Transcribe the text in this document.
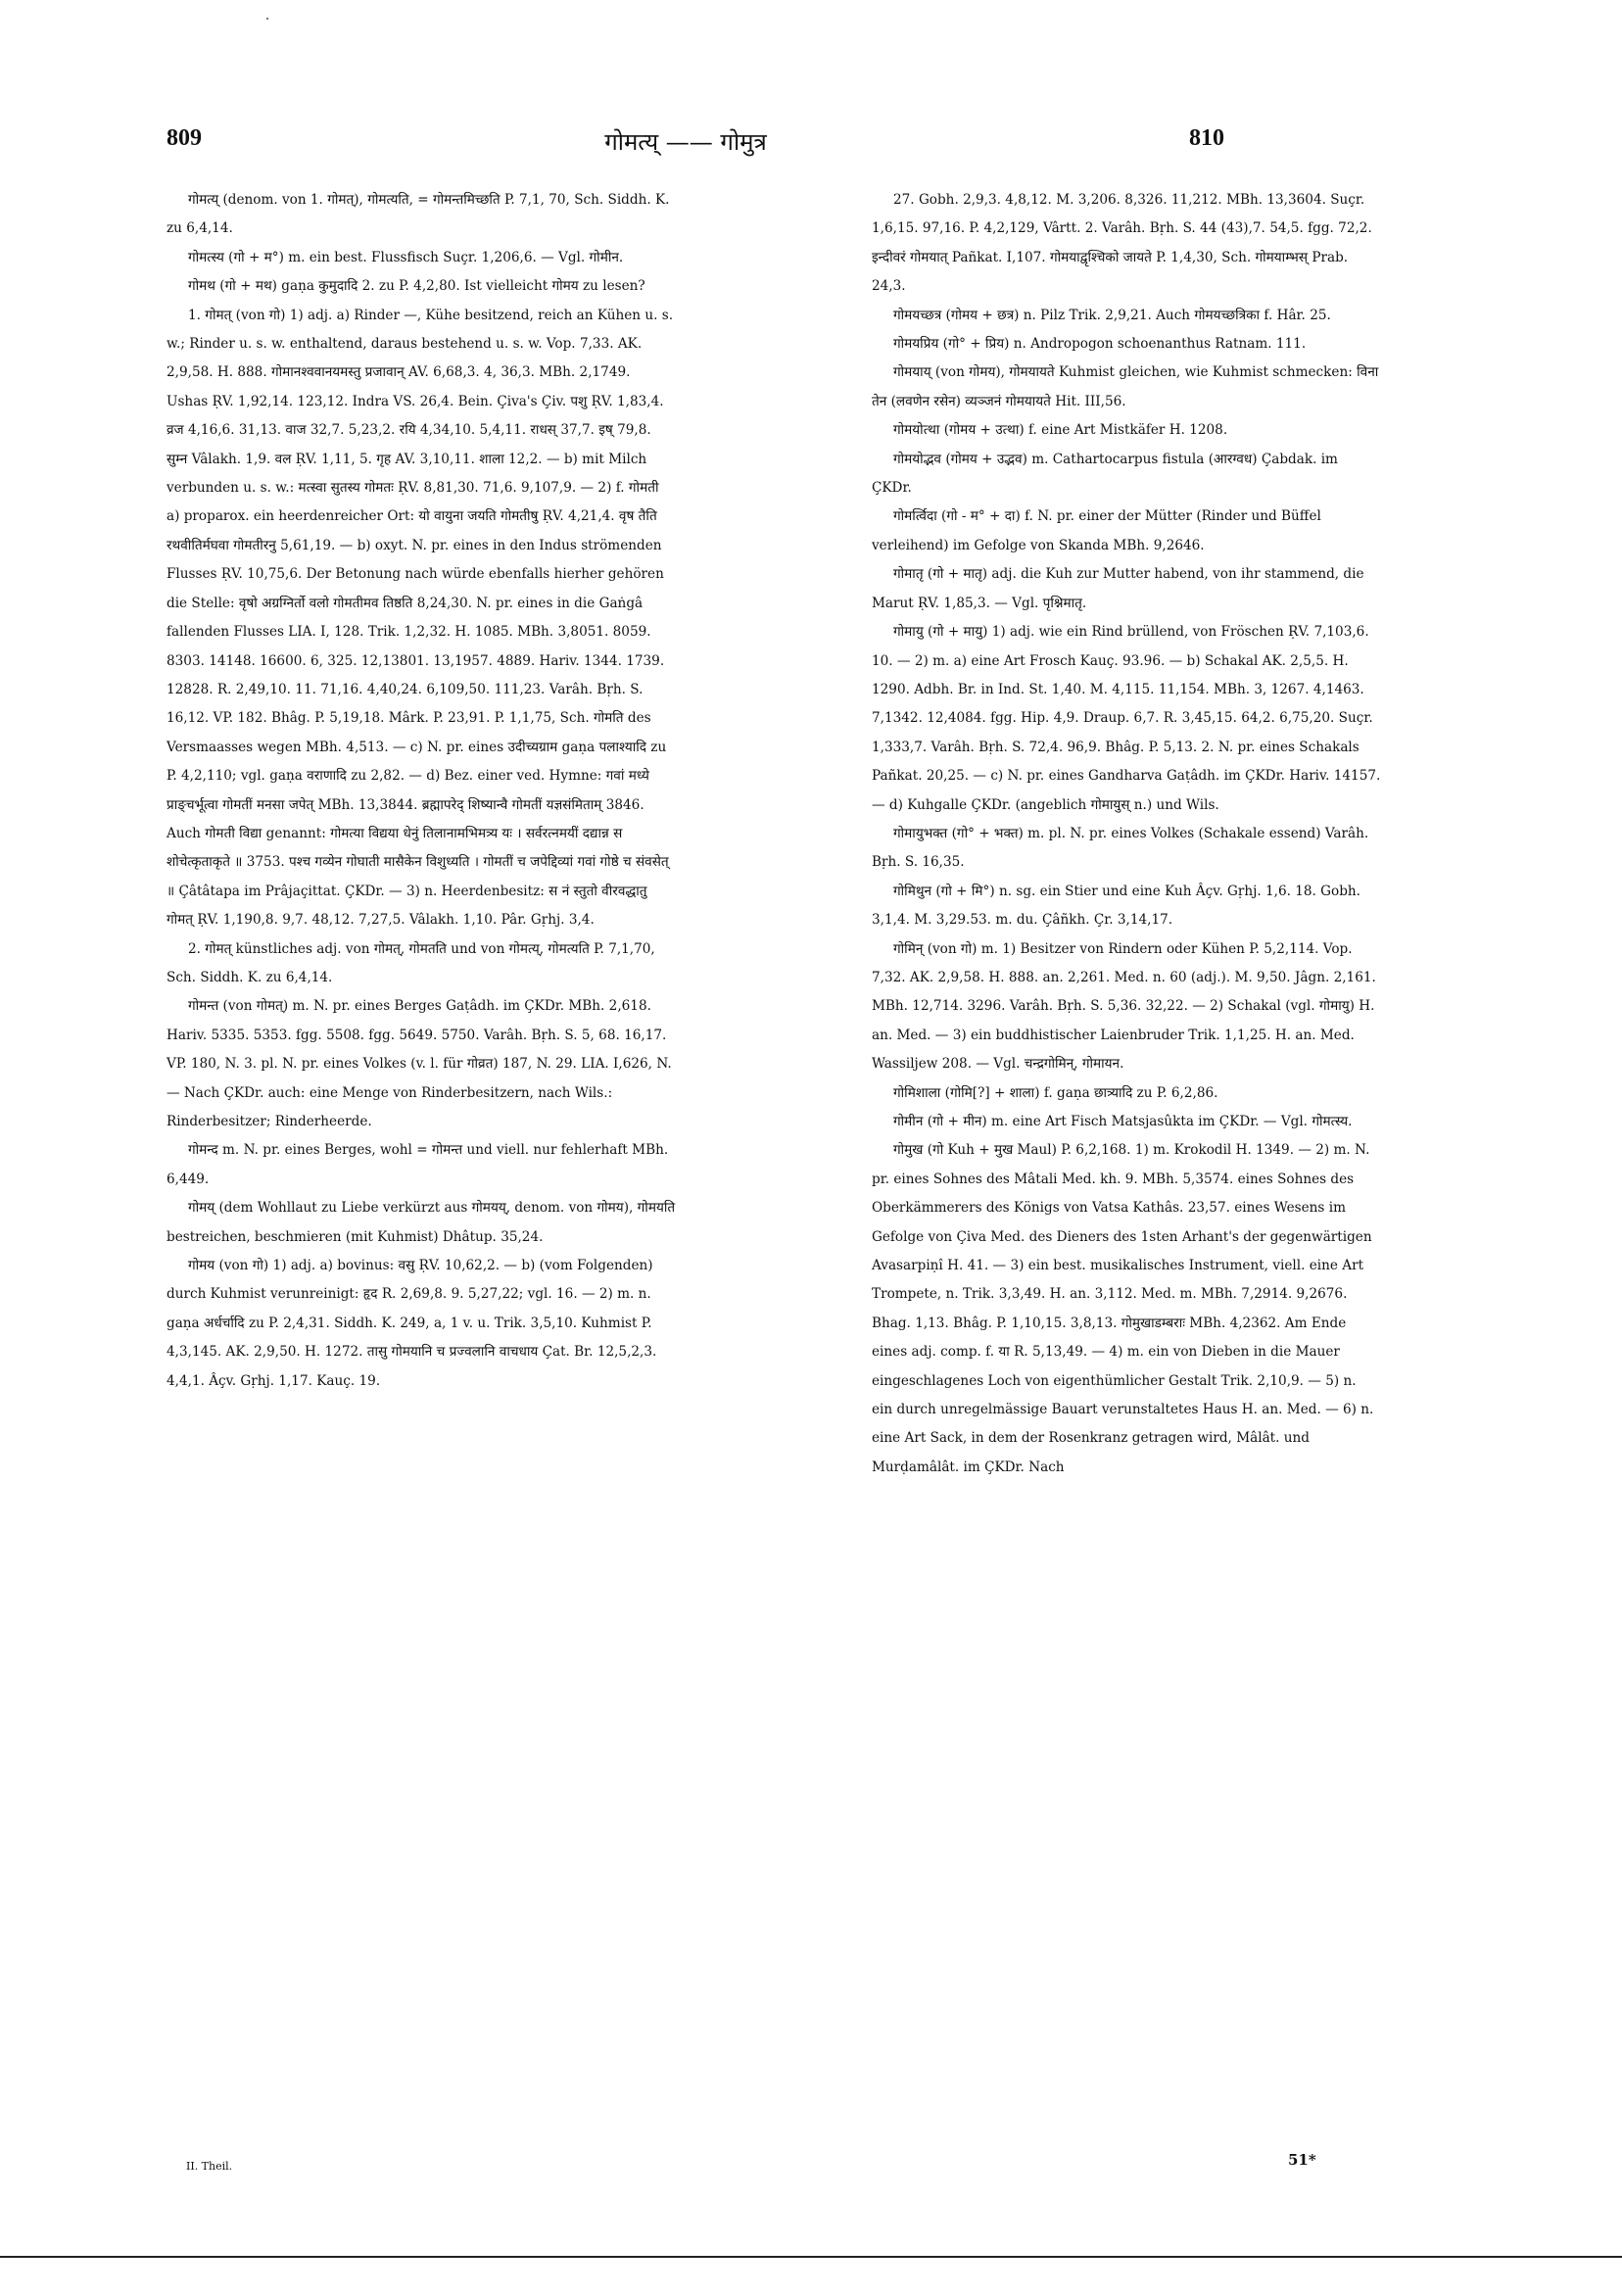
809	गोमत्य् —— गोमुत्र	810

गोमत्य् (denom. von 1. गोमत्), गोमत्यति, = गोमन्तमिच्छति P. 7,1, 70, Sch. Siddh. K. zu 6,4,14.

गोमत्स्य (गो + म°) m. ein best. Flussfisch Suçr. 1,206,6. — Vgl. गोमीन.

गोमथ (गो + मथ) gaṇa कुमुदादि 2. zu P. 4,2,80. Ist vielleicht गोमय zu lesen?

1. गोमत् (von गो) 1) adj. a) Rinder —, Kühe besitzend, reich an Kühen u. s. w.; Rinder u. s. w. enthaltend, daraus bestehend u. s. w. Vop. 7,33. AK. 2,9,58. H. 888. गोमानश्ववानयमस्तु प्रजावान् AV. 6,68,3. 4, 36,3. MBh. 2,1749. Ushas ṚV. 1,92,14. 123,12. Indra VS. 26,4. Bein. Çiva's Çiv. पशु ṚV. 1,83,4. व्रज 4,16,6. 31,13. वाज 32,7. 5,23,2. रयि 4,34,10. 5,4,11. राधस् 37,7. इष् 79,8. सुम्न Vâlakh. 1,9. वल ṚV. 1,11, 5. गृह AV. 3,10,11. शाला 12,2. — b) mit Milch verbunden u. s. w.: मत्स्वा सुतस्य गोमतः ṚV. 8,81,30. 71,6. 9,107,9. — 2) f. गोमती a) proparox. ein heerdenreicher Ort: यो वायुना जयति गोमतीषु ṚV. 4,21,4. वृष तैति रथवीतिर्मघवा गोमतीरनु 5,61,19. — b) oxyt. N. pr. eines in den Indus strömenden Flusses ṚV. 10,75,6. Der Betonung nach würde ebenfalls hierher gehören die Stelle: वृषो अग्रग्निर्तो वलो गोमतीमव तिष्ठति 8,24,30. N. pr. eines in die Gaṅgâ fallenden Flusses LIA. I, 128. Trik. 1,2,32. H. 1085. MBh. 3,8051. 8059. 8303. 14148. 16600. 6, 325. 12,13801. 13,1957. 4889. Hariv. 1344. 1739. 12828. R. 2,49,10. 11. 71,16. 4,40,24. 6,109,50. 111,23. Varâh. Bṛh. S. 16,12. VP. 182. Bhâg. P. 5,19,18. Mârk. P. 23,91. P. 1,1,75, Sch. गोमति des Versmaasses wegen MBh. 4,513. — c) N. pr. eines उदीच्यग्राम gaṇa पलाश्यादि zu P. 4,2,110; vgl. gaṇa वराणादि zu 2,82. — d) Bez. einer ved. Hymne: गवां मध्ये प्राङ्चर्भूत्वा गोमतीं मनसा जपेत् MBh. 13,3844. ब्रह्मापरेद् शिष्यान्वै गोमतीं यज्ञसंमिताम् 3846. Auch गोमती विद्या genannt: गोमत्या विद्यया धेनुं तिलानामभिमत्र्य यः । सर्वरत्नमयीं दद्यान्न स शोचेत्कृताकृते ॥ 3753. पश्च गव्येन गोघाती मासैकेन विशुध्यति । गोमतीं च जपेद्दिव्यां गवां गोष्ठे च संवसेत् ॥ Çâtâtapa im Prâjaçittat. ÇKDr. — 3) n. Heerdenbesitz: स नं स्तुतो वीरवद्धातु गोमत् ṚV. 1,190,8. 9,7. 48,12. 7,27,5. Vâlakh. 1,10. Pâr. Gṛhj. 3,4.

2. गोमत् künstliches adj. von गोमत्, गोमतति und von गोमत्य्, गोमत्यति P. 7,1,70, Sch. Siddh. K. zu 6,4,14.

गोमन्त (von गोमत्) m. N. pr. eines Berges Gaṭâdh. im ÇKDr. MBh. 2,618. Hariv. 5335. 5353. fgg. 5508. fgg. 5649. 5750. Varâh. Bṛh. S. 5, 68. 16,17. VP. 180, N. 3. pl. N. pr. eines Volkes (v. l. für गोव्रत) 187, N. 29. LIA. I,626, N. — Nach ÇKDr. auch: eine Menge von Rinderbesitzern, nach Wils.: Rinderbesitzer; Rinderheerde.

गोमन्द m. N. pr. eines Berges, wohl = गोमन्त und viell. nur fehlerhaft MBh. 6,449.

गोमय् (dem Wohllaut zu Liebe verkürzt aus गोमयय्, denom. von गोमय), गोमयति bestreichen, beschmieren (mit Kuhmist) Dhâtup. 35,24.

गोमय (von गो) 1) adj. a) bovinus: वसु ṚV. 10,62,2. — b) (vom Folgenden) durch Kuhmist verunreinigt: हृद R. 2,69,8. 9. 5,27,22; vgl. 16. — 2) m. n. gaṇa अर्धर्चादि zu P. 2,4,31. Siddh. K. 249, a, 1 v. u. Trik. 3,5,10. Kuhmist P. 4,3,145. AK. 2,9,50. H. 1272. तासु गोमयानि च प्रज्वलानि वाचधाय Çat. Br. 12,5,2,3. 4,4,1. Âçv. Gṛhj. 1,17. Kauç. 19.

27. Gobh. 2,9,3. 4,8,12. M. 3,206. 8,326. 11,212. MBh. 13,3604. Suçr. 1,6,15. 97,16. P. 4,2,129, Vârtt. 2. Varâh. Bṛh. S. 44 (43),7. 54,5. fgg. 72,2. इन्दीवरं गोमयात् Pañkat. I,107. गोमयाद्वृश्चिको जायते P. 1,4,30, Sch. गोमयाम्भस् Prab. 24,3.

गोमयच्छत्र (गोमय + छत्र) n. Pilz Trik. 2,9,21. Auch गोमयच्छत्रिका f. Hâr. 25.

गोमयप्रिय (गो° + प्रिय) n. Andropogon schoenanthus Ratnam. 111.

गोमयाय् (von गोमय), गोमयायते Kuhmist gleichen, wie Kuhmist schmecken: विना तेन (लवणेन रसेन) व्यञ्जनं गोमयायते Hit. III,56.

गोमयोत्था (गोमय + उत्था) f. eine Art Mistkäfer H. 1208.

गोमयोद्भव (गोमय + उद्भव) m. Cathartocarpus fistula (आरग्वध) Çabdak. im ÇKDr.

गोमर्त्विदा (गो - म° + दा) f. N. pr. einer der Mütter (Rinder und Büffel verleihend) im Gefolge von Skanda MBh. 9,2646.

गोमातृ (गो + मातृ) adj. die Kuh zur Mutter habend, von ihr stammend, die Marut ṚV. 1,85,3. — Vgl. पृश्निमातृ.

गोमायु (गो + मायु) 1) adj. wie ein Rind brüllend, von Fröschen ṚV. 7,103,6. 10. — 2) m. a) eine Art Frosch Kauç. 93.96. — b) Schakal AK. 2,5,5. H. 1290. Adbh. Br. in Ind. St. 1,40. M. 4,115. 11,154. MBh. 3, 1267. 4,1463. 7,1342. 12,4084. fgg. Hip. 4,9. Draup. 6,7. R. 3,45,15. 64,2. 6,75,20. Suçr. 1,333,7. Varâh. Bṛh. S. 72,4. 96,9. Bhâg. P. 5,13. 2. N. pr. eines Schakals Pañkat. 20,25. — c) N. pr. eines Gandharva Gaṭâdh. im ÇKDr. Hariv. 14157. — d) Kuhgalle ÇKDr. (angeblich गोमायुस् n.) und Wils.

गोमायुभक्त (गो° + भक्त) m. pl. N. pr. eines Volkes (Schakale essend) Varâh. Bṛh. S. 16,35.

गोमिथुन (गो + मि°) n. sg. ein Stier und eine Kuh Âçv. Gṛhj. 1,6. 18. Gobh. 3,1,4. M. 3,29.53. m. du. Çâñkh. Çr. 3,14,17.

गोमिन् (von गो) m. 1) Besitzer von Rindern oder Kühen P. 5,2,114. Vop. 7,32. AK. 2,9,58. H. 888. an. 2,261. Med. n. 60 (adj.). M. 9,50. Jâgn. 2,161. MBh. 12,714. 3296. Varâh. Bṛh. S. 5,36. 32,22. — 2) Schakal (vgl. गोमायु) H. an. Med. — 3) ein buddhistischer Laienbruder Trik. 1,1,25. H. an. Med. Wassiljew 208. — Vgl. चन्द्रगोमिन्, गोमायन.

गोमिशाला (गोमि[?] + शाला) f. gaṇa छात्र्यादि zu P. 6,2,86.

गोमीन (गो + मीन) m. eine Art Fisch Matsjasûkta im ÇKDr. — Vgl. गोमत्स्य.

गोमुख (गो Kuh + मुख Maul) P. 6,2,168. 1) m. Krokodil H. 1349. — 2) m. N. pr. eines Sohnes des Mâtali Med. kh. 9. MBh. 5,3574. eines Sohnes des Oberkämmerers des Königs von Vatsa Kathâs. 23,57. eines Wesens im Gefolge von Çiva Med. des Dieners des 1sten Arhant's der gegenwärtigen Avasarpiṇî H. 41. — 3) ein best. musikalisches Instrument, viell. eine Art Trompete, n. Trik. 3,3,49. H. an. 3,112. Med. m. MBh. 7,2914. 9,2676. Bhag. 1,13. Bhâg. P. 1,10,15. 3,8,13. गोमुखाडम्बराः MBh. 4,2362. Am Ende eines adj. comp. f. या R. 5,13,49. — 4) m. ein von Dieben in die Mauer eingeschlagenes Loch von eigenthümlicher Gestalt Trik. 2,10,9. — 5) n. ein durch unregelmässige Bauart verunstaltetes Haus H. an. Med. — 6) n. eine Art Sack, in dem der Rosenkranz getragen wird, Mâlât. und Murḍamâlât. im ÇKDr. Nach

II. Theil.	51*
